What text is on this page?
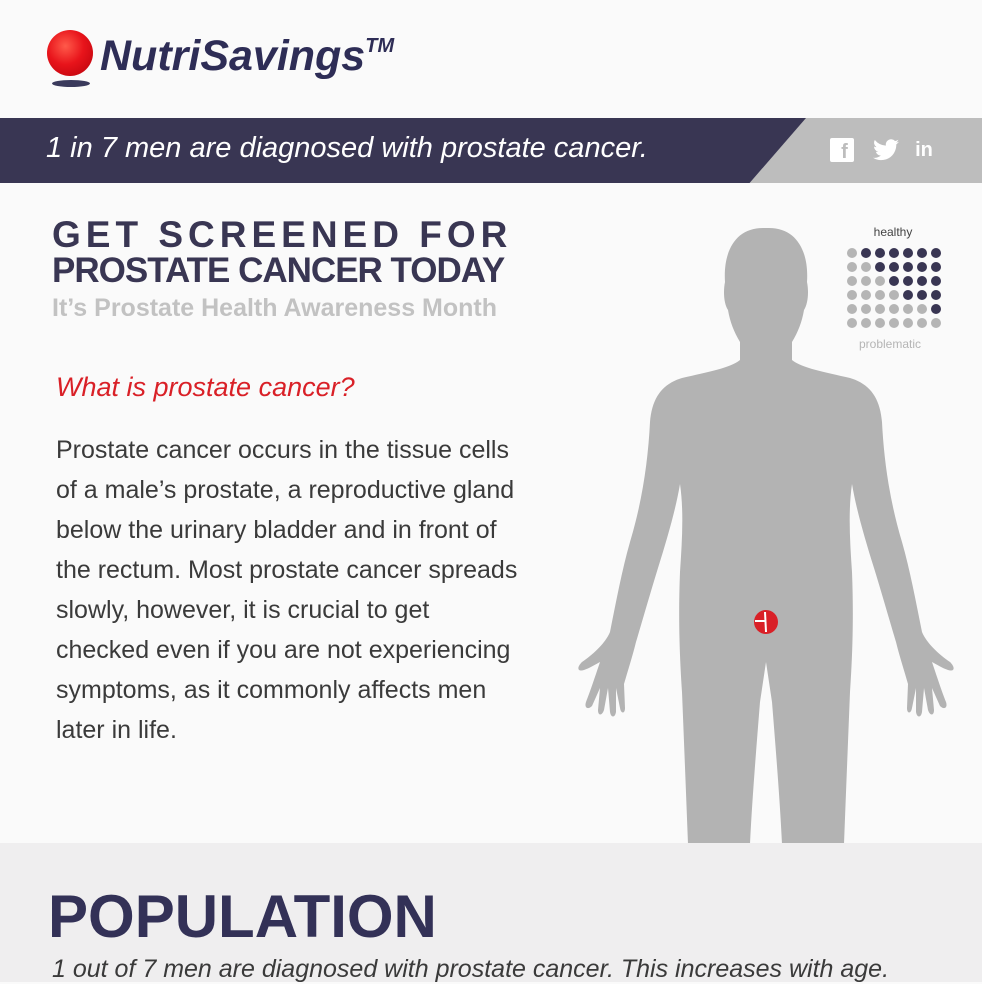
NutriSavings™
1 in 7 men are diagnosed with prostate cancer.	f	in
GET SCREENED FOR
PROSTATE CANCER TODAY
It’s Prostate Health Awareness Month
What is prostate cancer?
Prostate cancer occurs in the tissue cells of a male’s prostate, a reproductive gland below the urinary bladder and in front of the rectum. Most prostate cancer spreads slowly, however, it is crucial to get checked even if you are not experiencing symptoms, as it commonly affects men later in life.
healthy
problematic
POPULATION
1 out of 7 men are diagnosed with prostate cancer. This increases with age.
